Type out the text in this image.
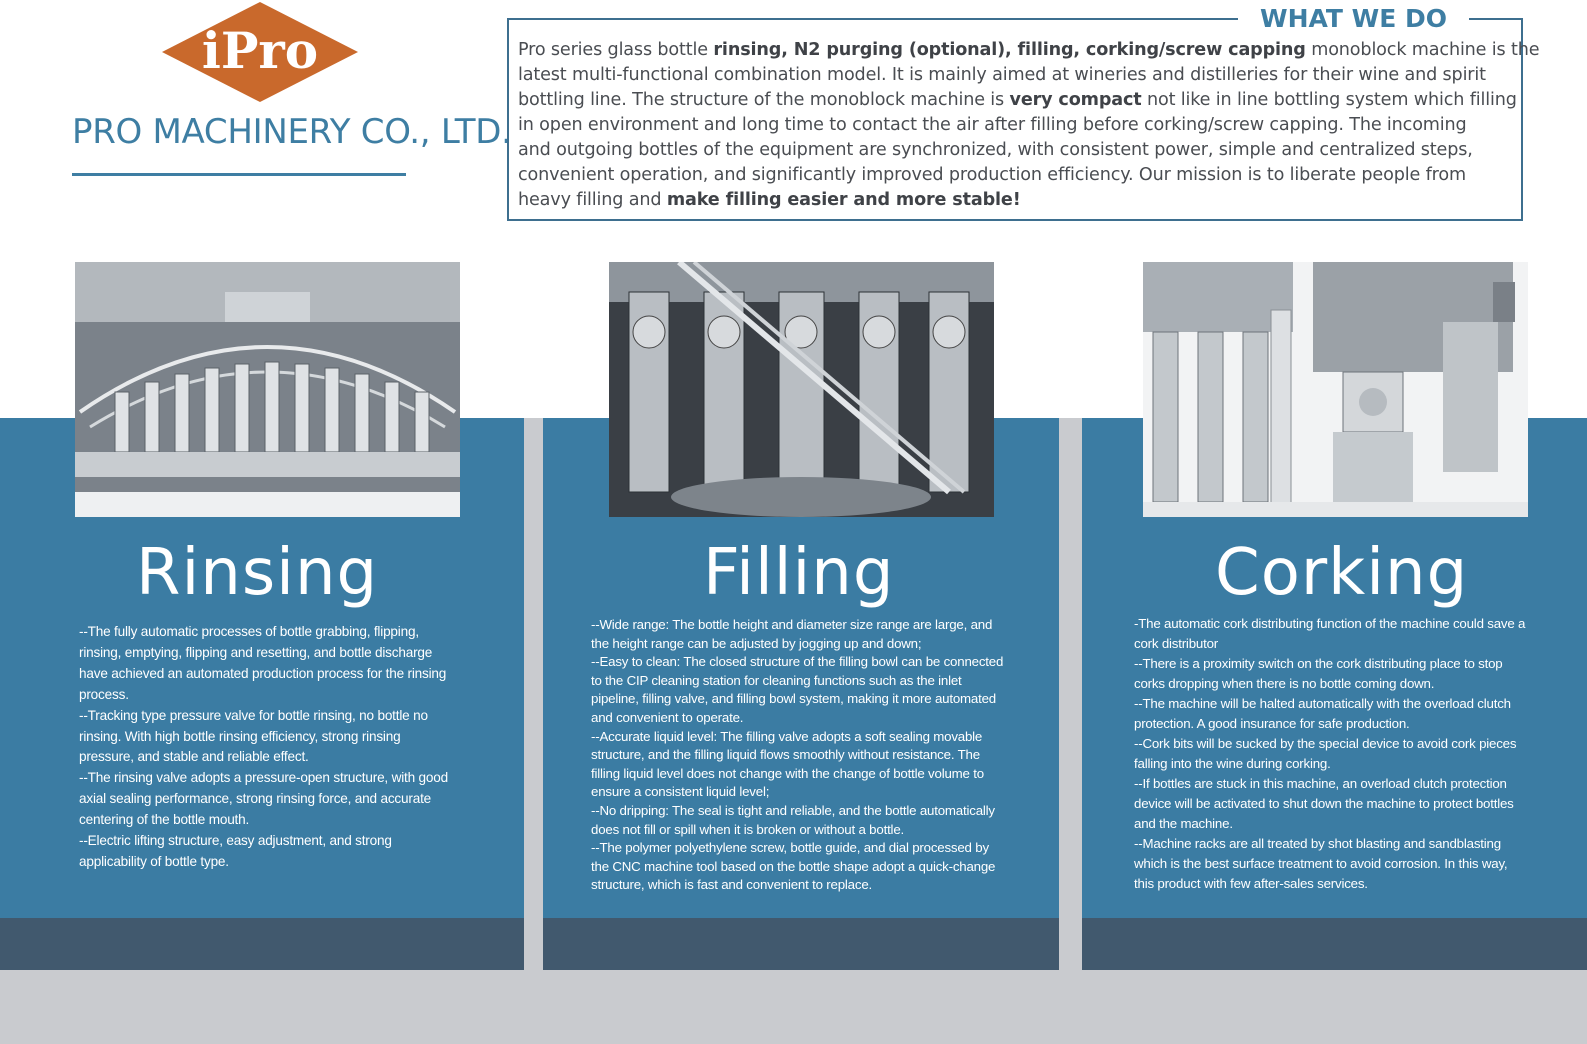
iPro
PRO MACHINERY CO., LTD.
WHAT WE DO
Pro series glass bottle rinsing, N2 purging (optional), filling, corking/screw capping monoblock machine is the
latest multi-functional combination model. It is mainly aimed at wineries and distilleries for their wine and spirit
bottling line. The structure of the monoblock machine is very compact not like in line bottling system which filling
in open environment and long time to contact the air after filling before corking/screw capping. The incoming
and outgoing bottles of the equipment are synchronized, with consistent power, simple and centralized steps,
convenient operation, and significantly improved production efficiency. Our mission is to liberate people from
heavy filling and make filling easier and more stable!
Rinsing
--The fully automatic processes of bottle grabbing, flipping,
rinsing, emptying, flipping and resetting, and bottle discharge
have achieved an automated production process for the rinsing
process.
--Tracking type pressure valve for bottle rinsing, no bottle no
rinsing. With high bottle rinsing efficiency, strong rinsing
pressure, and stable and reliable effect.
--The rinsing valve adopts a pressure-open structure, with good
axial sealing performance, strong rinsing force, and accurate
centering of the bottle mouth.
--Electric lifting structure, easy adjustment, and strong
applicability of bottle type.
Filling
--Wide range: The bottle height and diameter size range are large, and
the height range can be adjusted by jogging up and down;
--Easy to clean: The closed structure of the filling bowl can be connected
to the CIP cleaning station for cleaning functions such as the inlet
pipeline, filling valve, and filling bowl system, making it more automated
and convenient to operate.
--Accurate liquid level: The filling valve adopts a soft sealing movable
structure, and the filling liquid flows smoothly without resistance. The
filling liquid level does not change with the change of bottle volume to
ensure a consistent liquid level;
--No dripping: The seal is tight and reliable, and the bottle automatically
does not fill or spill when it is broken or without a bottle.
--The polymer polyethylene screw, bottle guide, and dial processed by
the CNC machine tool based on the bottle shape adopt a quick-change
structure, which is fast and convenient to replace.
Corking
-The automatic cork distributing function of the machine could save a
cork distributor
--There is a proximity switch on the cork distributing place to stop
corks dropping when there is no bottle coming down.
--The machine will be halted automatically with the overload clutch
protection. A good insurance for safe production.
--Cork bits will be sucked by the special device to avoid cork pieces
falling into the wine during corking.
--If bottles are stuck in this machine, an overload clutch protection
device will be activated to shut down the machine to protect bottles
and the machine.
--Machine racks are all treated by shot blasting and sandblasting
which is the best surface treatment to avoid corrosion. In this way,
this product with few after-sales services.
